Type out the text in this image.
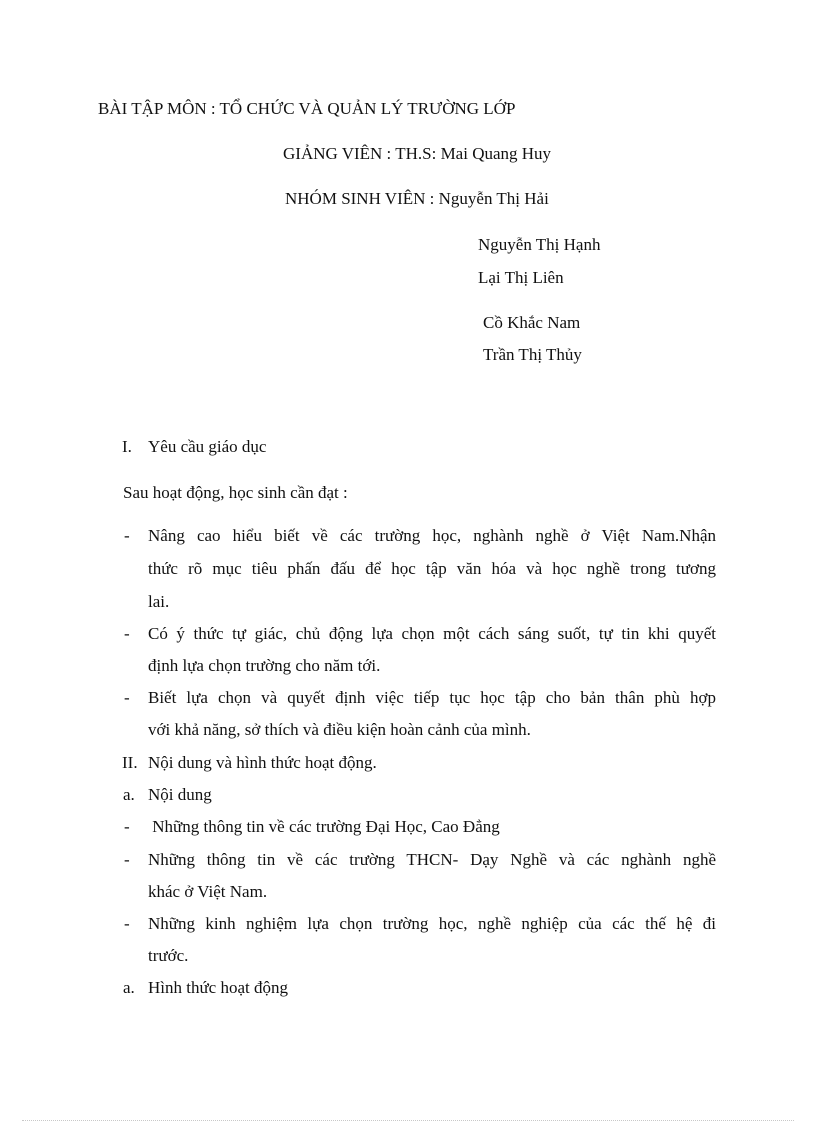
BÀI TẬP MÔN : TỔ CHỨC VÀ QUẢN LÝ TRƯỜNG LỚP
GIẢNG VIÊN : TH.S: Mai Quang Huy
NHÓM SINH VIÊN : Nguyễn Thị Hải
Nguyễn Thị Hạnh
Lại Thị Liên
Cồ Khắc Nam
Trần Thị Thủy
I. Yêu cầu giáo dục
Sau hoạt động, học sinh cần đạt :
- Nâng cao hiểu biết về các trường học, nghành nghề ở Việt Nam.Nhận
thức rõ mục tiêu phấn đấu để học tập văn hóa và học nghề trong tương
lai.
- Có ý thức tự giác, chủ động lựa chọn một cách sáng suốt, tự tin khi quyết
định lựa chọn trường cho năm tới.
- Biết lựa chọn và quyết định việc tiếp tục học tập cho bản thân phù hợp
với khả năng, sở thích và điều kiện hoàn cảnh của mình.
II. Nội dung và hình thức hoạt động.
a. Nội dung
- Những thông tin về các trường Đại Học, Cao Đẳng
- Những thông tin về các trường THCN- Dạy Nghề và các nghành nghề
khác ở Việt Nam.
- Những kinh nghiệm lựa chọn trường học, nghề nghiệp của các thế hệ đi
trước.
a. Hình thức hoạt động
